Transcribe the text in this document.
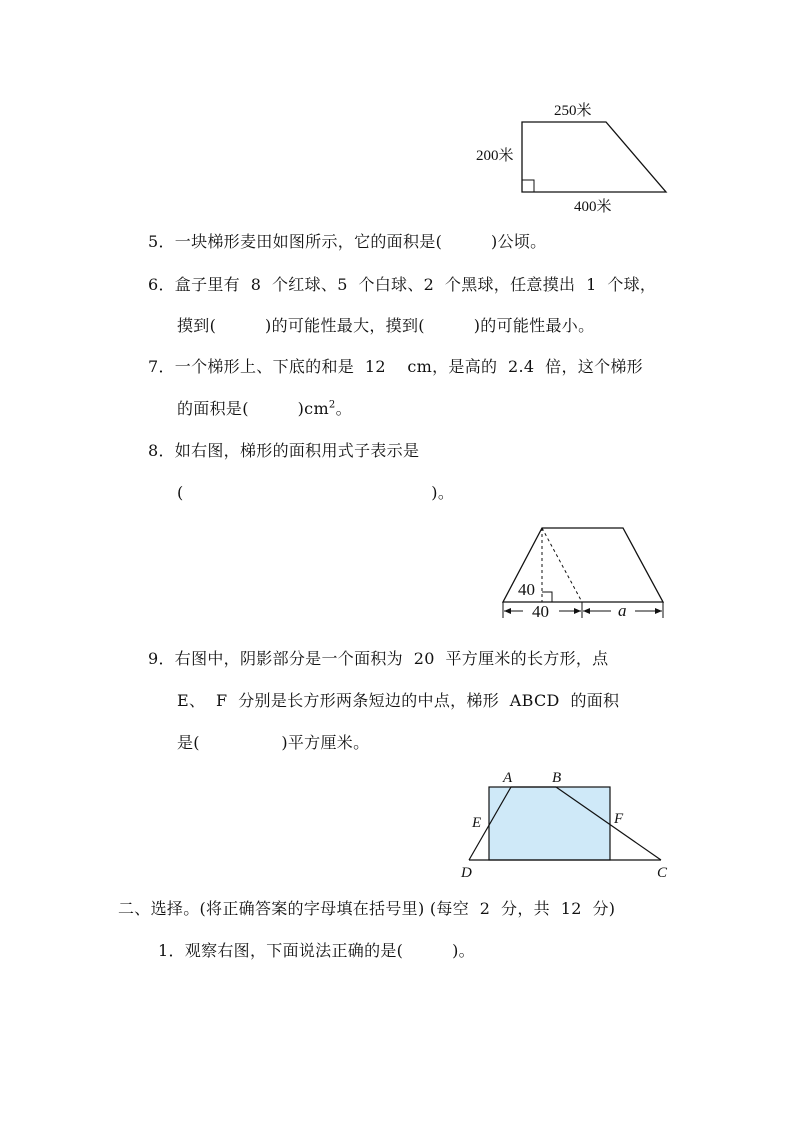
250米
200米
400米
5．一块梯形麦田如图所示，它的面积是(　　　)公顷。
6．盒子里有  8  个红球、5  个白球、2  个黑球，任意摸出  1  个球，
摸到(　　　)的可能性最大，摸到(　　　)的可能性最小。
7．一个梯形上、下底的和是  12    cm，是高的  2.4  倍，这个梯形
的面积是(　　　)$cm^2$。
8．如右图，梯形的面积用式子表示是
(                                              )。
40
40	a
9．右图中，阴影部分是一个面积为  20  平方厘米的长方形，点
E、  F  分别是长方形两条短边的中点，梯形  ABCD  的面积
是(　　　　　)平方厘米。
A	B
E	F
D	C
二、选择。(将正确答案的字母填在括号里) (每空  2  分，共  12  分)
1．观察右图，下面说法正确的是(　　　)。
